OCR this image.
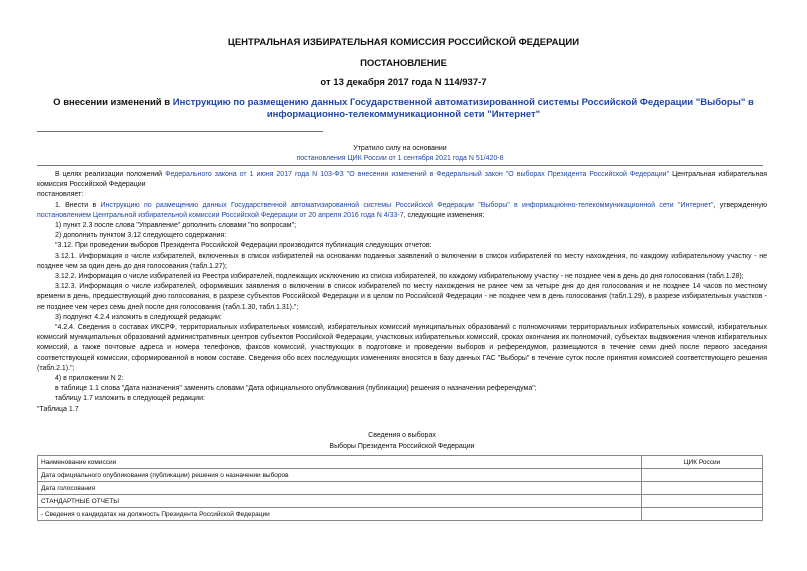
ЦЕНТРАЛЬНАЯ ИЗБИРАТЕЛЬНАЯ КОМИССИЯ РОССИЙСКОЙ ФЕДЕРАЦИИ
ПОСТАНОВЛЕНИЕ
от 13 декабря 2017 года N 114/937-7
О внесении изменений в Инструкцию по размещению данных Государственной автоматизированной системы Российской Федерации "Выборы" в информационно-телекоммуникационной сети "Интернет"
Утратило силу на основании
постановления ЦИК России от 1 сентября 2021 года N 51/420-8

В целях реализации положений Федерального закона от 1 июня 2017 года N 103-ФЗ "О внесении изменений в Федеральный закон "О выборах Президента Российской Федерации" Центральная избирательная комиссия Российской Федерации

постановляет:

1. Внести в Инструкцию по размещению данных Государственной автоматизированной системы Российской Федерации "Выборы" в информационно-телекоммуникационной сети "Интернет", утвержденную постановлением Центральной избирательной комиссии Российской Федерации от 20 апреля 2016 года N 4/33-7, следующие изменения:

1) пункт 2.3 после слова "Управление" дополнить словами "по вопросам";

2) дополнить пунктом 3.12 следующего содержания:

"3.12. При проведении выборов Президента Российской Федерации производится публикация следующих отчетов:

3.12.1. Информация о числе избирателей, включенных в список избирателей на основании поданных заявлений о включении в список избирателей по месту нахождения, по каждому избирательному участку - не позднее чем за один день до дня голосования (табл.1.27);

3.12.2. Информация о числе избирателей из Реестра избирателей, подлежащих исключению из списка избирателей, по каждому избирательному участку - не позднее чем в день до дня голосования (табл.1.28);

3.12.3. Информация о числе избирателей, оформивших заявления о включении в список избирателей по месту нахождения не ранее чем за четыре дня до дня голосования и не позднее 14 часов по местному времени в день, предшествующий дню голосования, в разрезе субъектов Российской Федерации и в целом по Российской Федерации - не позднее чем в день голосования (табл.1.29), в разрезе избирательных участков - не позднее чем через семь дней после дня голосования (табл.1.30, табл.1.31).";

3) подпункт 4.2.4 изложить в следующей редакции:

"4.2.4. Сведения о составах ИКСРФ, территориальных избирательных комиссий, избирательных комиссий муниципальных образований с полномочиями территориальных избирательных комиссий, избирательных комиссий муниципальных образований административных центров субъектов Российской Федерации, участковых избирательных комиссий, сроках окончания их полномочий, субъектах выдвижения членов избирательных комиссий, а также почтовые адреса и номера телефонов, факсов комиссий, участвующих в подготовке и проведении выборов и референдумов, размещаются в течение семи дней после первого заседания соответствующей комиссии, сформированной в новом составе. Сведения обо всех последующих изменениях вносятся в базу данных ГАС "Выборы" в течение суток после принятия комиссией соответствующего решения (табл.2.1).";

4) в приложении N 2:

в таблице 1.1 слова "Дата назначения" заменить словами "Дата официального опубликования (публикации) решения о назначении референдума";

таблицу 1.7 изложить в следующей редакции:

"Таблица 1.7

Сведения о выборах
Выборы Президента Российской Федерации
Наименование комиссии	ЦИК России
Дата официального опубликования (публикации) решения о назначении выборов	
Дата голосования	
СТАНДАРТНЫЕ ОТЧЕТЫ	
- Сведения о кандидатах на должность Президента Российской Федерации	
